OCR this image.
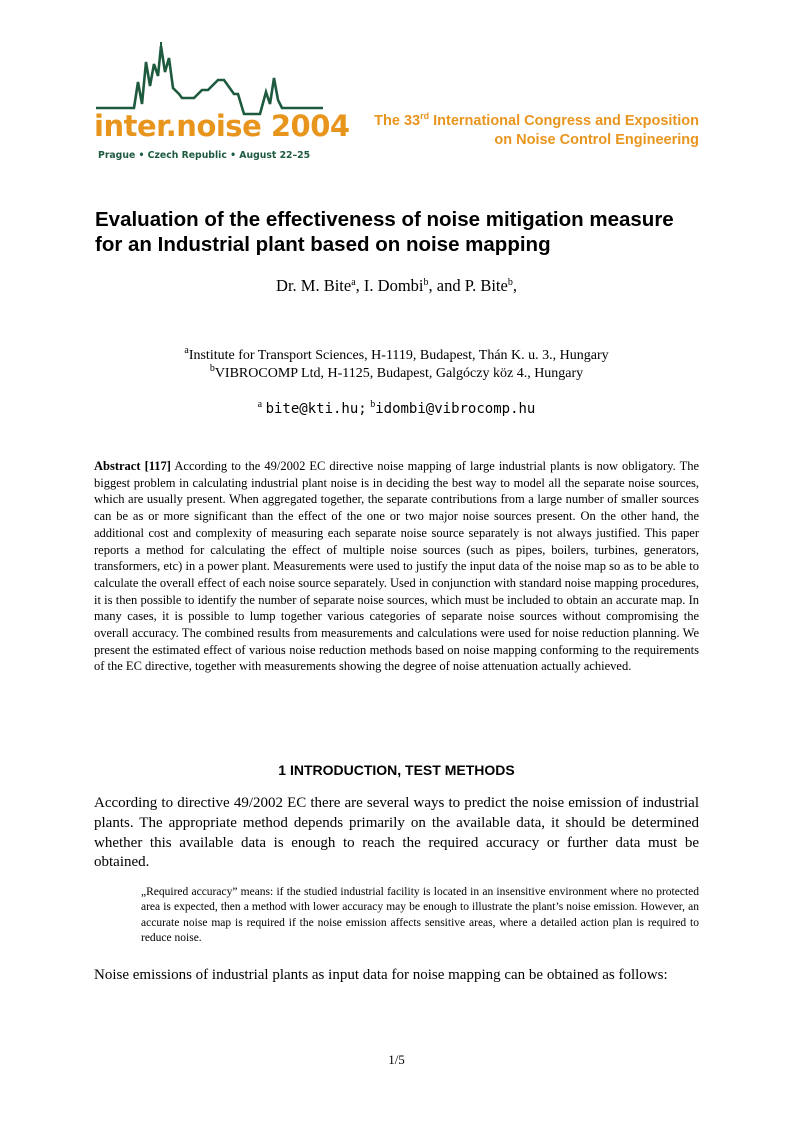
inter.noise 2004
Prague • Czech Republic • August 22–25
The 33rd International Congress and Exposition
on Noise Control Engineering
Evaluation of the effectiveness of noise mitigation measure for an Industrial plant based on noise mapping
Dr. M. Bite$^a$, I. Dombi$^b$, and P. Bite$^b$,
$^a$Institute for Transport Sciences, H-1119, Budapest, Thán K. u. 3., Hungary
$^b$VIBROCOMP Ltd, H-1125, Budapest, Galgóczy köz 4., Hungary
$^a$ bite@kti.hu; $^b$idombi@vibrocomp.hu

Abstract [117] According to the 49/2002 EC directive noise mapping of large industrial plants is now obligatory. The biggest problem in calculating industrial plant noise is in deciding the best way to model all the separate noise sources, which are usually present. When aggregated together, the separate contributions from a large number of smaller sources can be as or more significant than the effect of the one or two major noise sources present. On the other hand, the additional cost and complexity of measuring each separate noise source separately is not always justified. This paper reports a method for calculating the effect of multiple noise sources (such as pipes, boilers, turbines, generators, transformers, etc) in a power plant. Measurements were used to justify the input data of the noise map so as to be able to calculate the overall effect of each noise source separately. Used in conjunction with standard noise mapping procedures, it is then possible to identify the number of separate noise sources, which must be included to obtain an accurate map. In many cases, it is possible to lump together various categories of separate noise sources without compromising the overall accuracy. The combined results from measurements and calculations were used for noise reduction planning. We present the estimated effect of various noise reduction methods based on noise mapping conforming to the requirements of the EC directive, together with measurements showing the degree of noise attenuation actually achieved.

1 INTRODUCTION, TEST METHODS

According to directive 49/2002 EC there are several ways to predict the noise emission of industrial plants. The appropriate method depends primarily on the available data, it should be determined whether this available data is enough to reach the required accuracy or further data must be obtained.

„Required accuracy” means: if the studied industrial facility is located in an insensitive environment where no protected area is expected, then a method with lower accuracy may be enough to illustrate the plant’s noise emission. However, an accurate noise map is required if the noise emission affects sensitive areas, where a detailed action plan is required to reduce noise.

Noise emissions of industrial plants as input data for noise mapping can be obtained as follows:

1/5
